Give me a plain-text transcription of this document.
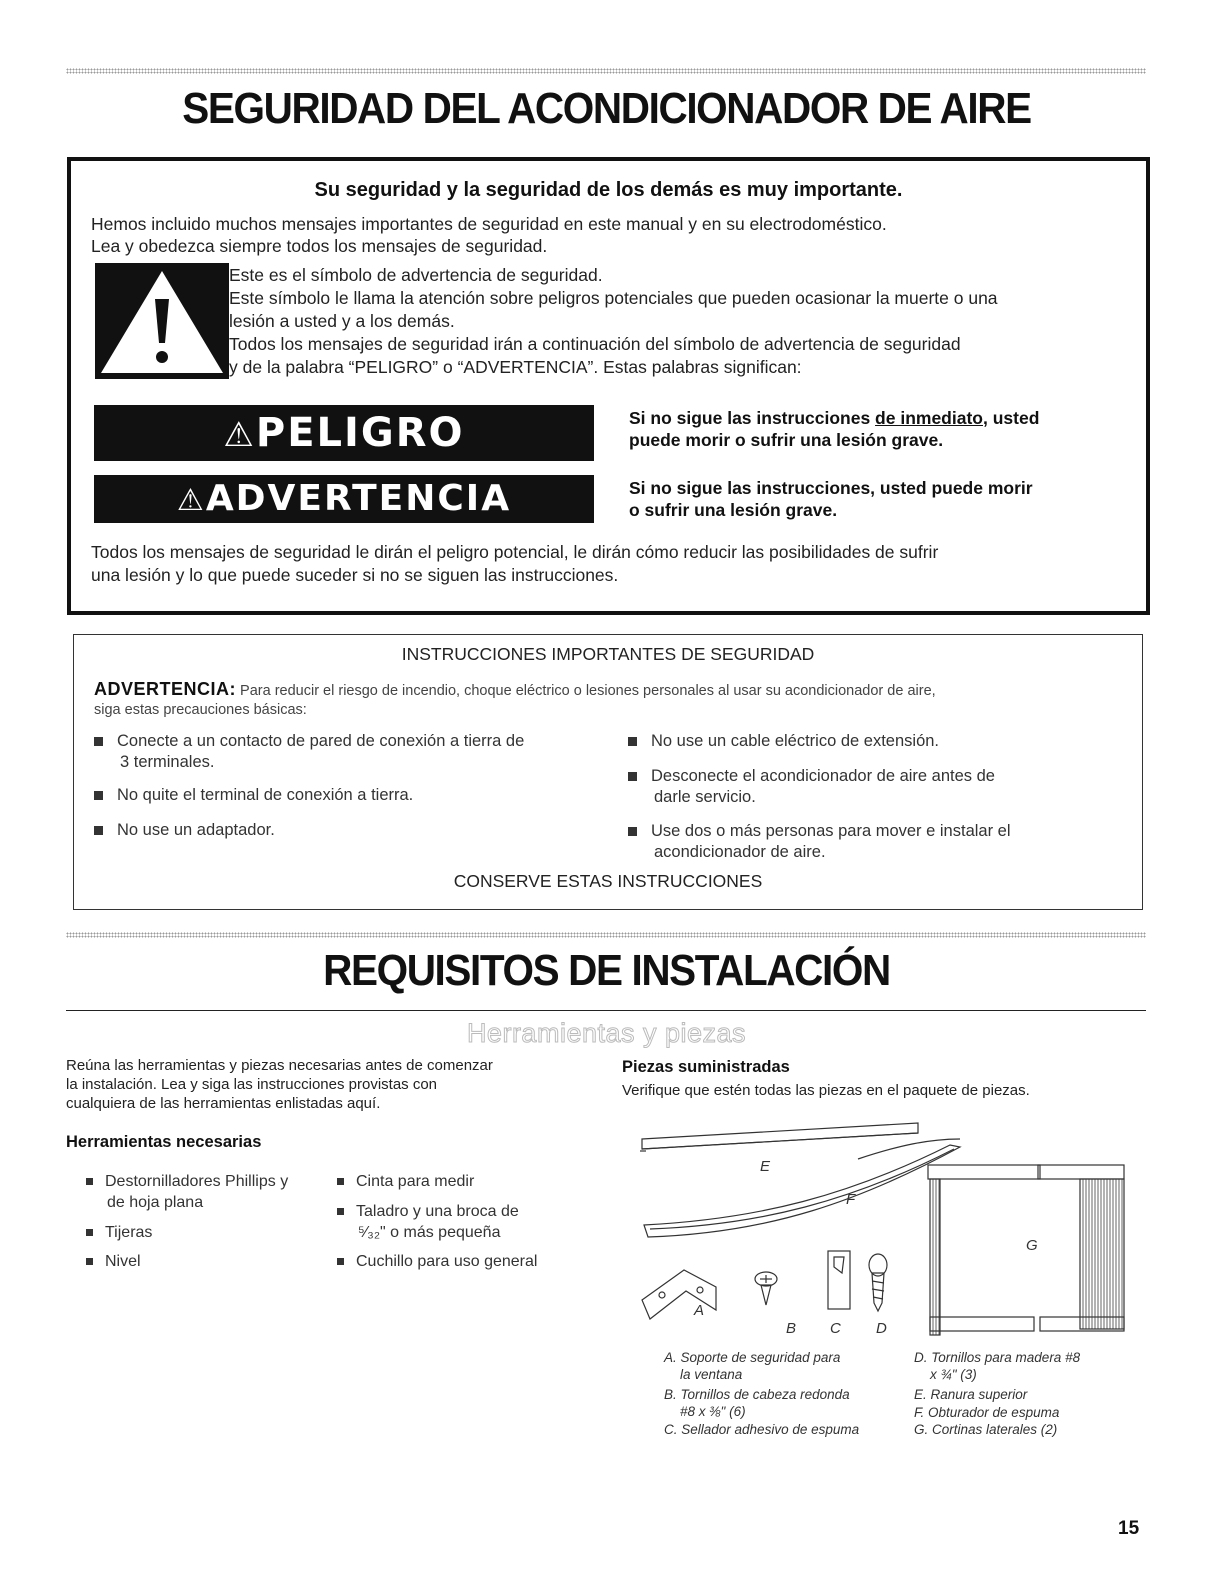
SEGURIDAD DEL ACONDICIONADOR DE AIRE
Su seguridad y la seguridad de los demás es muy importante.
Hemos incluido muchos mensajes importantes de seguridad en este manual y en su electrodoméstico.
Lea y obedezca siempre todos los mensajes de seguridad.
Este es el símbolo de advertencia de seguridad.
Este símbolo le llama la atención sobre peligros potenciales que pueden ocasionar la muerte o una
lesión a usted y a los demás.
Todos los mensajes de seguridad irán a continuación del símbolo de advertencia de seguridad
y de la palabra “PELIGRO” o “ADVERTENCIA”. Estas palabras significan:
⚠PELIGRO	Si no sigue las instrucciones de inmediato, usted
puede morir o sufrir una lesión grave.
⚠ADVERTENCIA	Si no sigue las instrucciones, usted puede morir
o sufrir una lesión grave.
Todos los mensajes de seguridad le dirán el peligro potencial, le dirán cómo reducir las posibilidades de sufrir
una lesión y lo que puede suceder si no se siguen las instrucciones.
INSTRUCCIONES IMPORTANTES DE SEGURIDAD
ADVERTENCIA: Para reducir el riesgo de incendio, choque eléctrico o lesiones personales al usar su acondicionador de aire,
siga estas precauciones básicas:
Conecte a un contacto de pared de conexión a tierra de
3 terminales.
No quite el terminal de conexión a tierra.
No use un adaptador.
No use un cable eléctrico de extensión.
Desconecte el acondicionador de aire antes de
darle servicio.
Use dos o más personas para mover e instalar el
acondicionador de aire.
CONSERVE ESTAS INSTRUCCIONES
REQUISITOS DE INSTALACIÓN
Herramientas y piezas
Reúna las herramientas y piezas necesarias antes de comenzar
la instalación. Lea y siga las instrucciones provistas con
cualquiera de las herramientas enlistadas aquí.
Herramientas necesarias
Destornilladores Phillips y
de hoja plana
Tijeras
Nivel
Cinta para medir
Taladro y una broca de
⁵⁄₃₂" o más pequeña
Cuchillo para uso general
Piezas suministradas
Verifique que estén todas las piezas en el paquete de piezas.
E
F
G
A
B C D
A. Soporte de seguridad para
la ventana
B. Tornillos de cabeza redonda
#8 x ⅜" (6)
C. Sellador adhesivo de espuma
D. Tornillos para madera #8
x ¾" (3)
E. Ranura superior
F. Obturador de espuma
G. Cortinas laterales (2)
15
